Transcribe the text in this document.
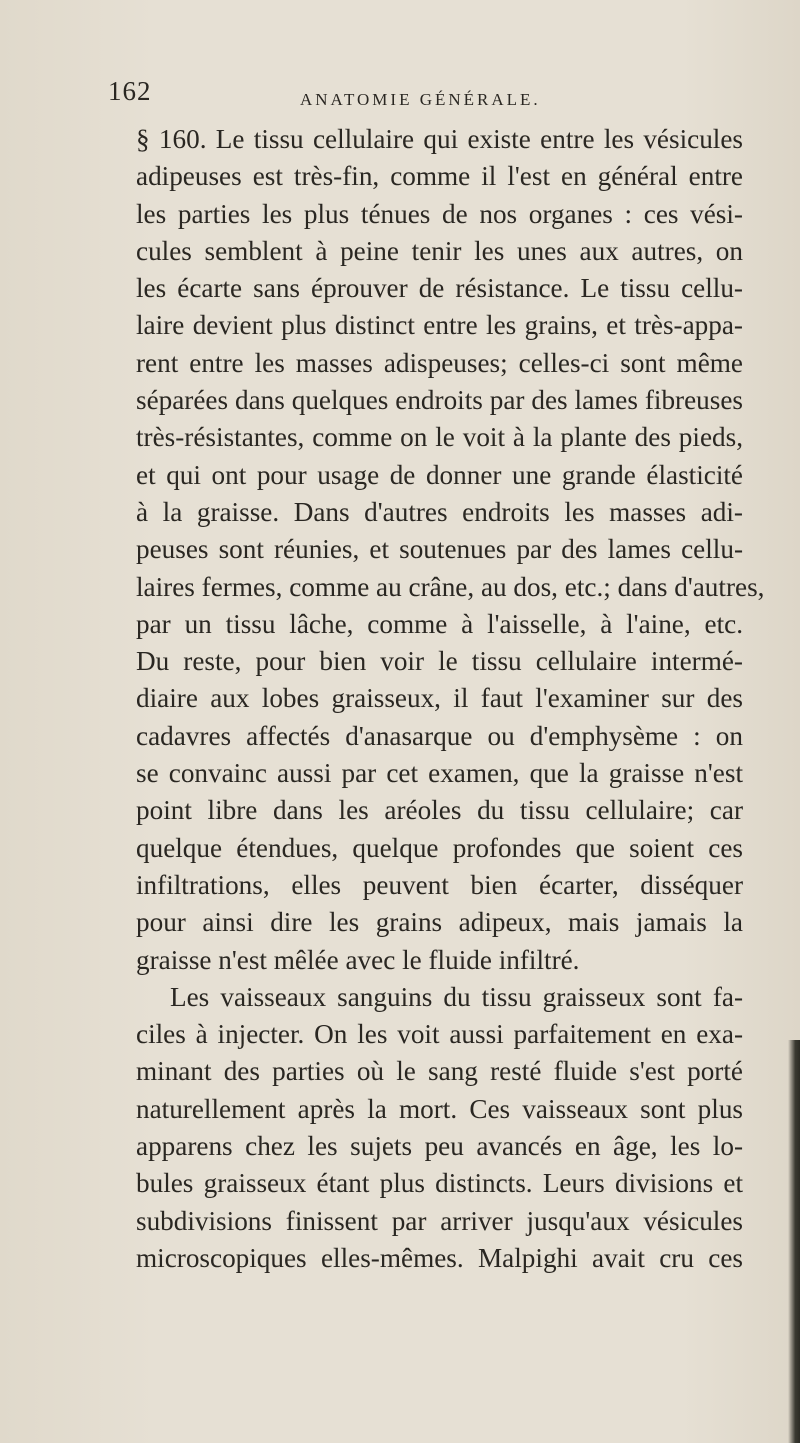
162	ANATOMIE GÉNÉRALE.
§ 160. Le tissu cellulaire qui existe entre les vésicules
adipeuses est très-fin, comme il l'est en général entre
les parties les plus ténues de nos organes : ces vési-
cules semblent à peine tenir les unes aux autres, on
les écarte sans éprouver de résistance. Le tissu cellu-
laire devient plus distinct entre les grains, et très-appa-
rent entre les masses adispeuses; celles-ci sont même
séparées dans quelques endroits par des lames fibreuses
très-résistantes, comme on le voit à la plante des pieds,
et qui ont pour usage de donner une grande élasticité
à la graisse. Dans d'autres endroits les masses adi-
peuses sont réunies, et soutenues par des lames cellu-
laires fermes, comme au crâne, au dos, etc.; dans d'autres,
par un tissu lâche, comme à l'aisselle, à l'aine, etc.
Du reste, pour bien voir le tissu cellulaire intermé-
diaire aux lobes graisseux, il faut l'examiner sur des
cadavres affectés d'anasarque ou d'emphysème : on
se convainc aussi par cet examen, que la graisse n'est
point libre dans les aréoles du tissu cellulaire; car
quelque étendues, quelque profondes que soient ces
infiltrations, elles peuvent bien écarter, disséquer
pour ainsi dire les grains adipeux, mais jamais la
graisse n'est mêlée avec le fluide infiltré.
Les vaisseaux sanguins du tissu graisseux sont fa-
ciles à injecter. On les voit aussi parfaitement en exa-
minant des parties où le sang resté fluide s'est porté
naturellement après la mort. Ces vaisseaux sont plus
apparens chez les sujets peu avancés en âge, les lo-
bules graisseux étant plus distincts. Leurs divisions et
subdivisions finissent par arriver jusqu'aux vésicules
microscopiques elles-mêmes. Malpighi avait cru ces
